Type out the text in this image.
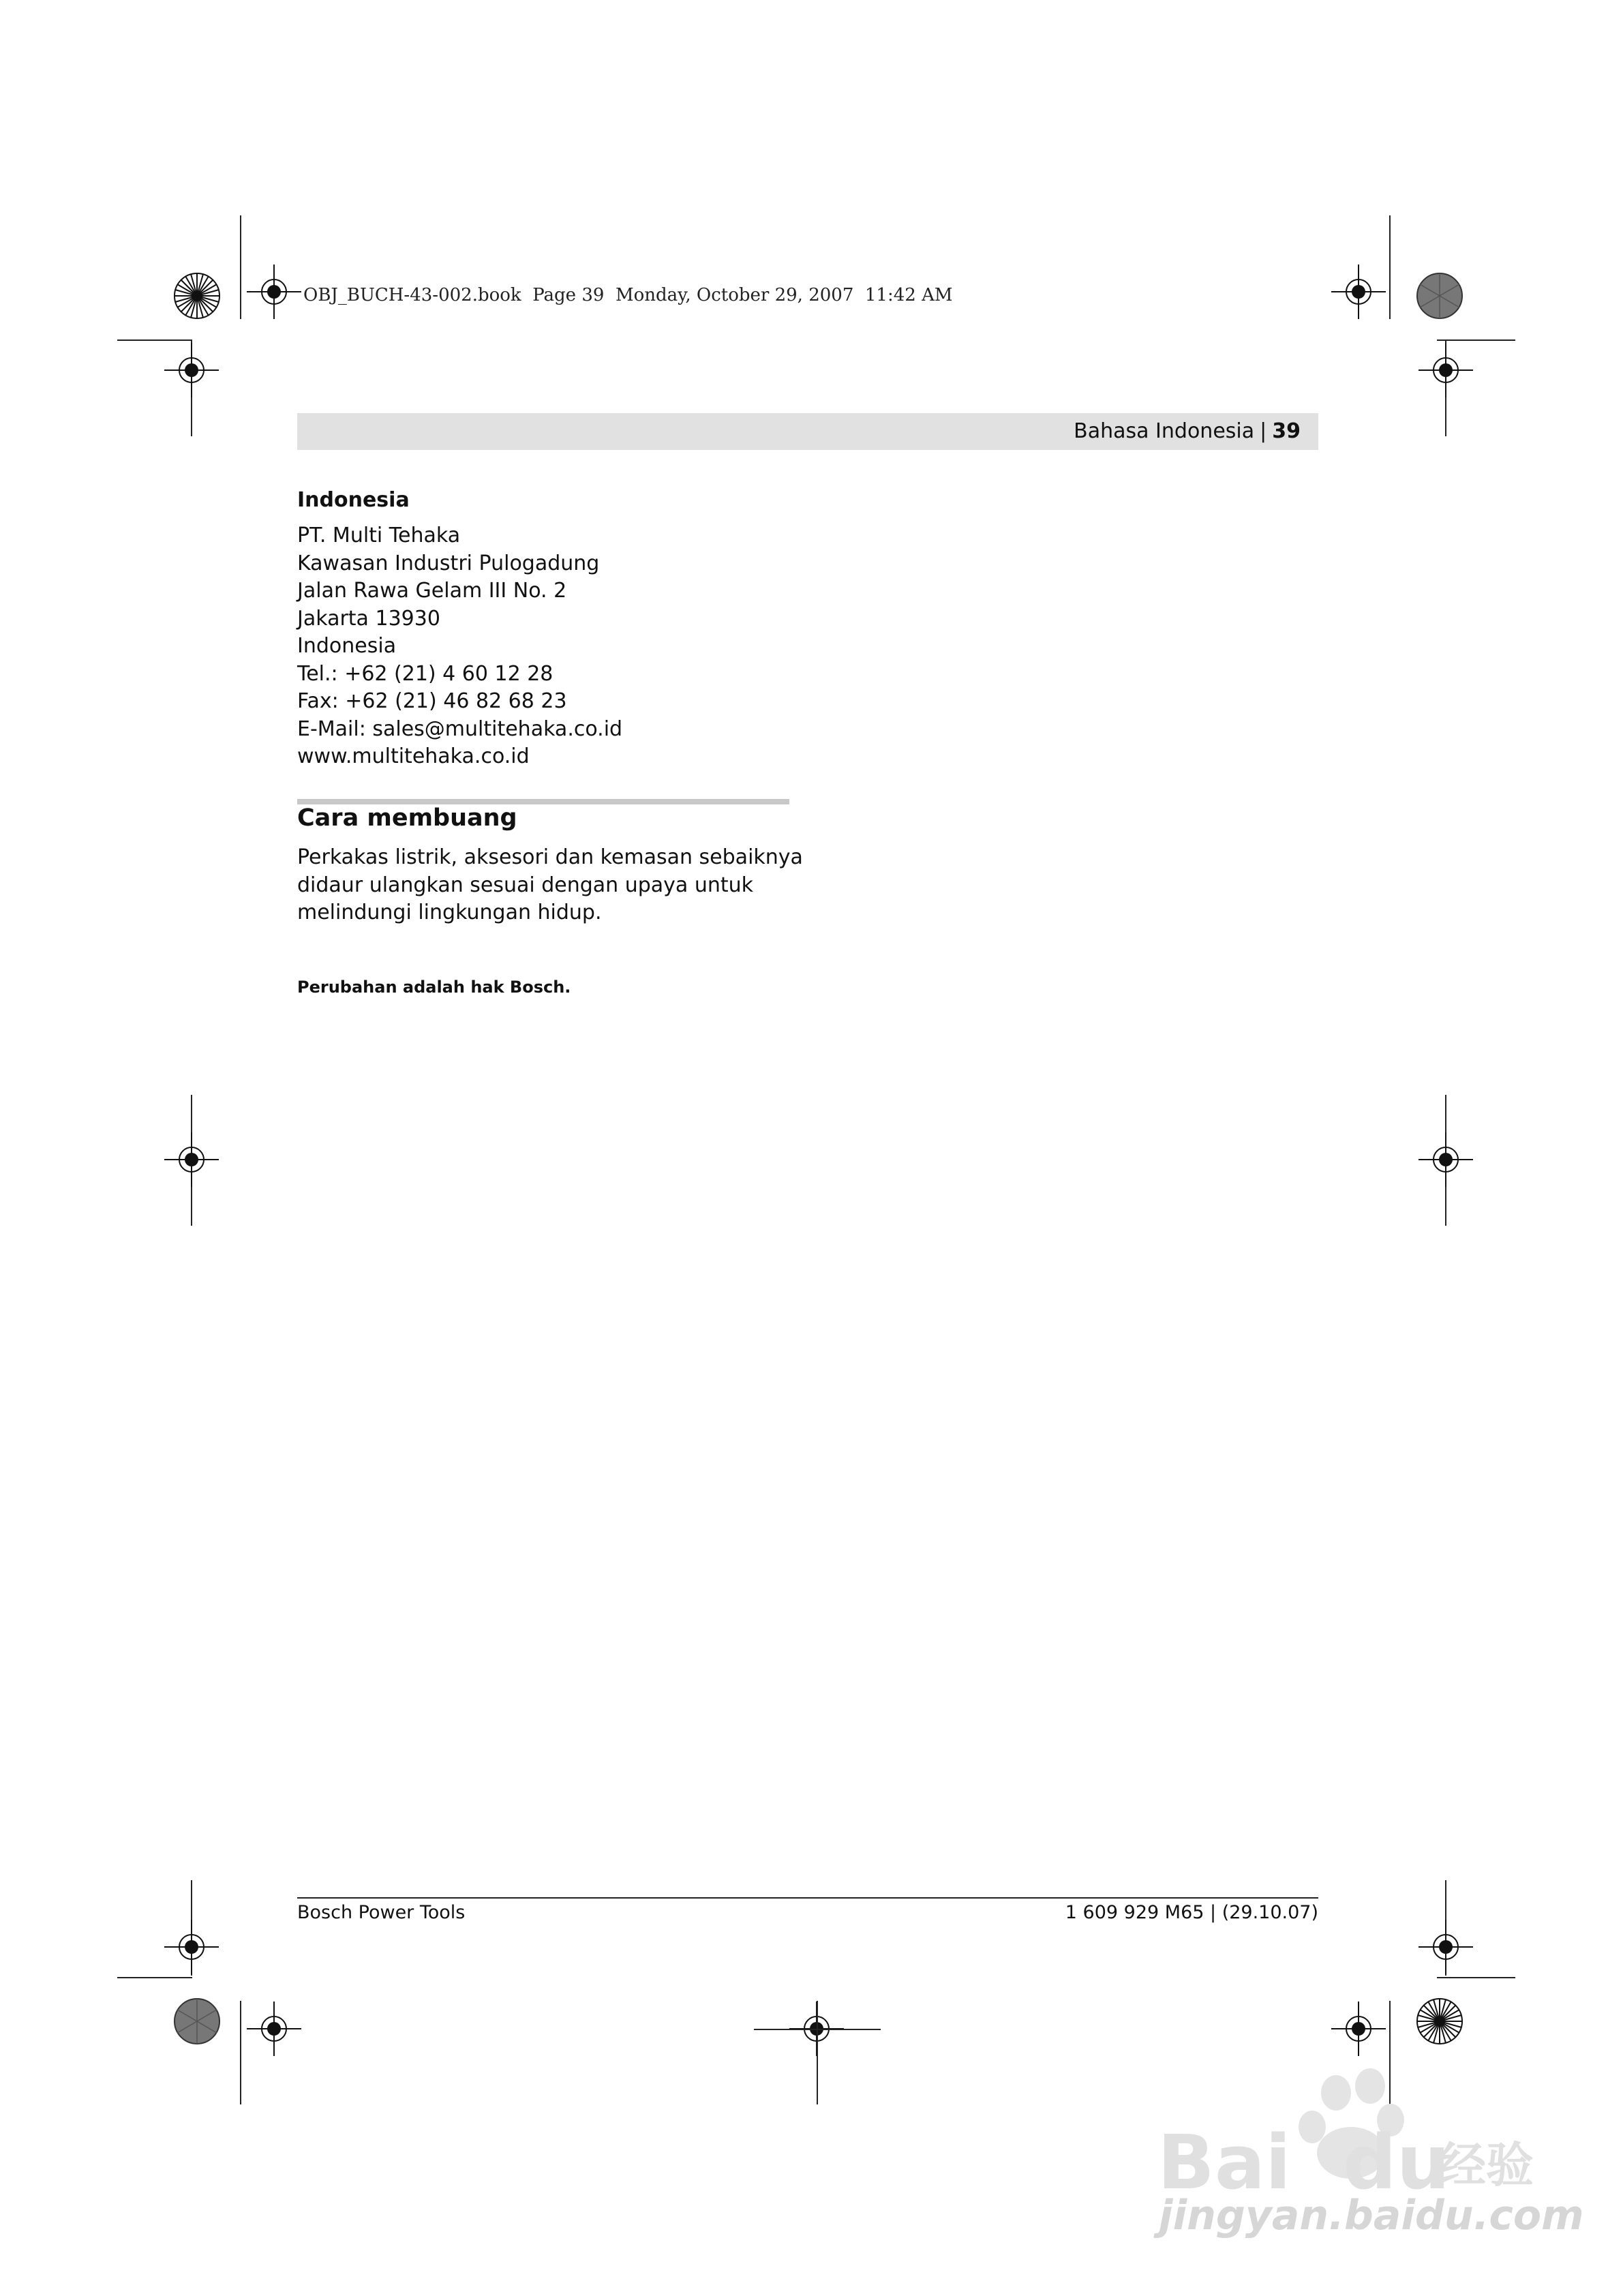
OBJ_BUCH-43-002.book  Page 39  Monday, October 29, 2007  11:42 AM
Bahasa Indonesia | 39
Indonesia
PT. Multi Tehaka
Kawasan Industri Pulogadung
Jalan Rawa Gelam III No. 2
Jakarta 13930
Indonesia
Tel.: +62 (21) 4 60 12 28
Fax: +62 (21) 46 82 68 23
E-Mail: sales@multitehaka.co.id
www.multitehaka.co.id
Cara membuang
Perkakas listrik, aksesori dan kemasan sebaiknya
didaur ulangkan sesuai dengan upaya untuk
melindungi lingkungan hidup.
Perubahan adalah hak Bosch.
Bosch Power Tools	1 609 929 M65 | (29.10.07)
Bai du
经验
jingyan.baidu.com
